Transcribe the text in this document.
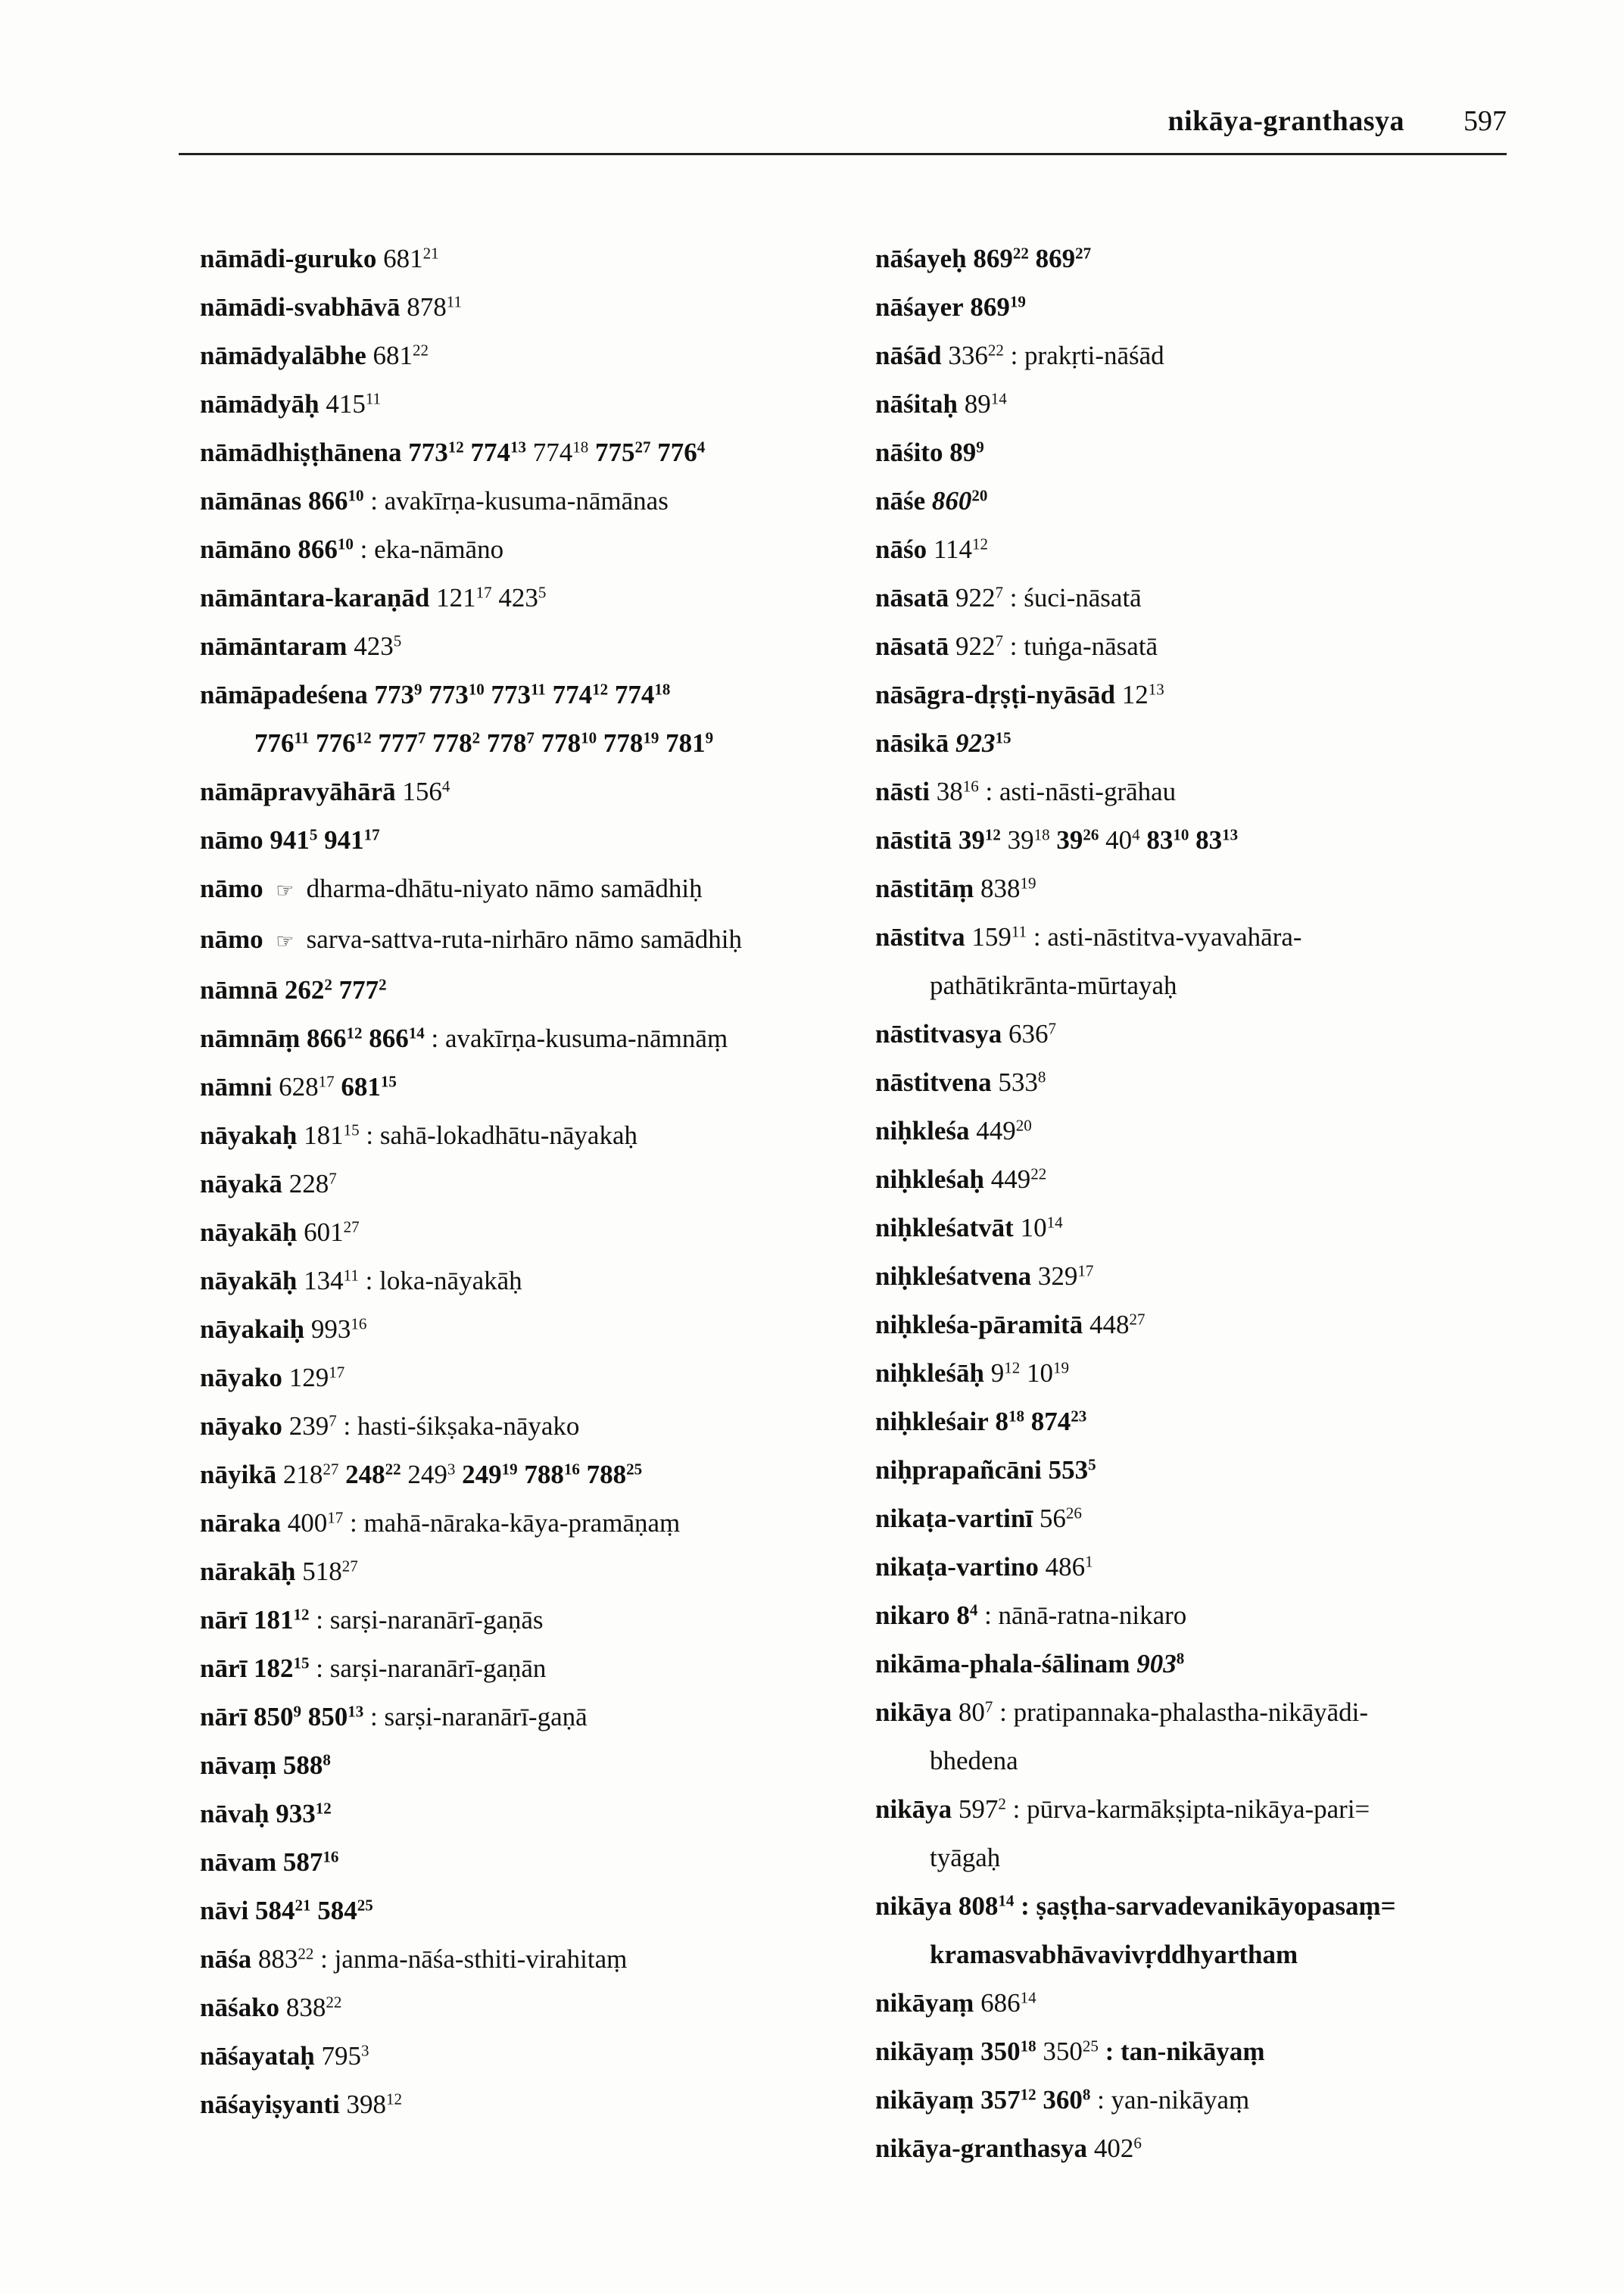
nikāya-granthasya 597
nāmādi-guruko $681^{21}$
nāmādi-svabhāvā $878^{11}$
nāmādyalābhe $681^{22}$
nāmādyāḥ $415^{11}$
nāmādhiṣṭhānena $773^{12}$ $774^{13}$ $774^{18}$ $775^{27}$ $776^4$
nāmānas $866^{10}$ : avakīrṇa-kusuma-nāmānas
nāmāno $866^{10}$ : eka-nāmāno
nāmāntara-karaṇād $121^{17}$ $423^5$
nāmāntaram $423^5$
nāmāpadeśena $773^9$ $773^{10}$ $773^{11}$ $774^{12}$ $774^{18}$
$776^{11}$ $776^{12}$ $777^7$ $778^2$ $778^7$ $778^{10}$ $778^{19}$ $781^9$
nāmāpravyāhārā $156^4$
nāmo $941^5$ $941^{17}$
nāmo ☞ dharma-dhātu-niyato nāmo samādhiḥ
nāmo ☞ sarva-sattva-ruta-nirhāro nāmo samādhiḥ
nāmnā $262^2$ $777^2$
nāmnāṃ $866^{12}$ $866^{14}$ : avakīrṇa-kusuma-nāmnāṃ
nāmni $628^{17}$ $681^{15}$
nāyakaḥ $181^{15}$ : sahā-lokadhātu-nāyakaḥ
nāyakā $228^7$
nāyakāḥ $601^{27}$
nāyakāḥ $134^{11}$ : loka-nāyakāḥ
nāyakaiḥ $993^{16}$
nāyako $129^{17}$
nāyako $239^7$ : hasti-śikṣaka-nāyako
nāyikā $218^{27}$ $248^{22}$ $249^3$ $249^{19}$ $788^{16}$ $788^{25}$
nāraka $400^{17}$ : mahā-nāraka-kāya-pramāṇaṃ
nārakāḥ $518^{27}$
nārī $181^{12}$ : sarṣi-naranārī-gaṇās
nārī $182^{15}$ : sarṣi-naranārī-gaṇān
nārī $850^9$ $850^{13}$ : sarṣi-naranārī-gaṇā
nāvaṃ $588^8$
nāvaḥ $933^{12}$
nāvam $587^{16}$
nāvi $584^{21}$ $584^{25}$
nāśa $883^{22}$ : janma-nāśa-sthiti-virahitaṃ
nāśako $838^{22}$
nāśayataḥ $795^3$
nāśayiṣyanti $398^{12}$
nāśayeḥ $869^{22}$ $869^{27}$
nāśayer $869^{19}$
nāśād $336^{22}$ : prakṛti-nāśād
nāśitaḥ $89^{14}$
nāśito $89^9$
nāśe $860^{20}$
nāśo $114^{12}$
nāsatā $922^7$ : śuci-nāsatā
nāsatā $922^7$ : tuṅga-nāsatā
nāsāgra-dṛṣṭi-nyāsād $12^{13}$
nāsikā $923^{15}$
nāsti $38^{16}$ : asti-nāsti-grāhau
nāstitā $39^{12}$ $39^{18}$ $39^{26}$ $40^4$ $83^{10}$ $83^{13}$
nāstitāṃ $838^{19}$
nāstitva $159^{11}$ : asti-nāstitva-vyavahāra-
pathātikrānta-mūrtayaḥ
nāstitvasya $636^7$
nāstitvena $533^8$
niḥkleśa $449^{20}$
niḥkleśaḥ $449^{22}$
niḥkleśatvāt $10^{14}$
niḥkleśatvena $329^{17}$
niḥkleśa-pāramitā $448^{27}$
niḥkleśāḥ $9^{12}$ $10^{19}$
niḥkleśair $8^{18}$ $874^{23}$
niḥprapañcāni $553^5$
nikaṭa-vartinī $56^{26}$
nikaṭa-vartino $486^1$
nikaro $8^4$ : nānā-ratna-nikaro
nikāma-phala-śālinam $903^8$
nikāya $80^7$ : pratipannaka-phalastha-nikāyādi-
bhedena
nikāya $597^2$ : pūrva-karmākṣipta-nikāya-pari=
tyāgaḥ
nikāya $808^{14}$ : ṣaṣṭha-sarvadevanikāyopasaṃ=
kramasvabhāvavivṛddhyartham
nikāyaṃ $686^{14}$
nikāyaṃ $350^{18}$ $350^{25}$ : tan-nikāyaṃ
nikāyaṃ $357^{12}$ $360^8$ : yan-nikāyaṃ
nikāya-granthasya $402^6$
